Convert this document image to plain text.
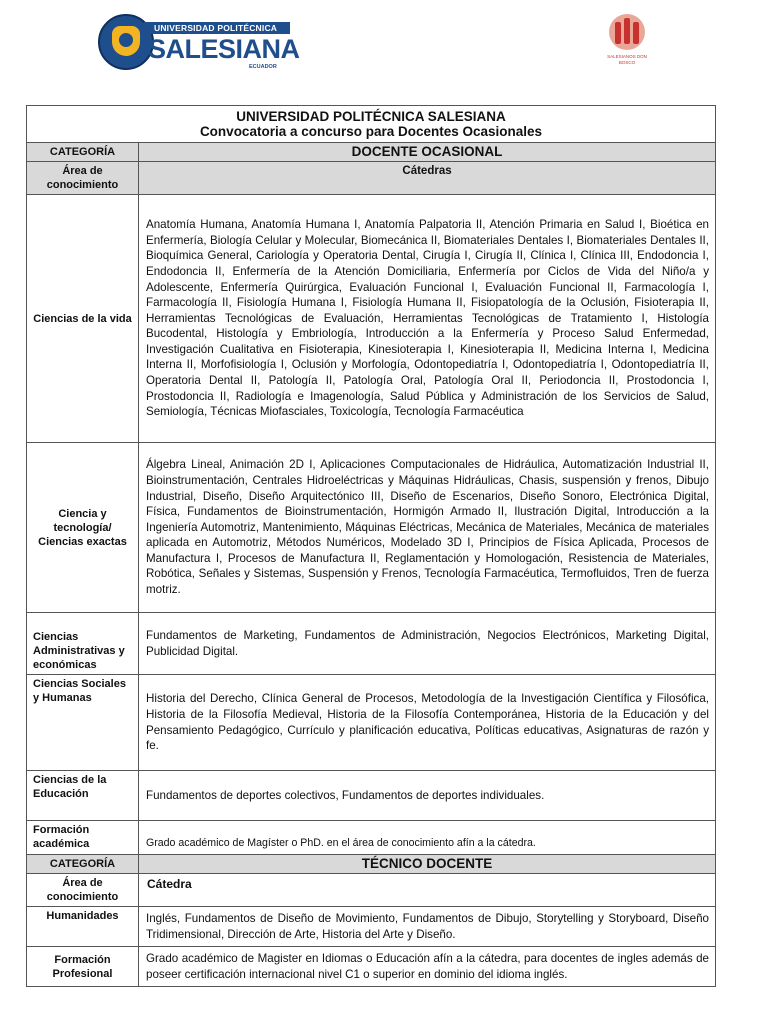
UNIVERSIDAD POLITÉCNICA
SALESIANA
ECUADOR
SALESIANOS DON BOSCO
UNIVERSIDAD POLITÉCNICA SALESIANA
Convocatoria a concurso para Docentes Ocasionales	

CATEGORÍA	DOCENTE OCASIONAL
Área de conocimiento	Cátedras
Ciencias de la vida	Anatomía Humana, Anatomía Humana I, Anatomía Palpatoria II, Atención Primaria en Salud I, Bioética en Enfermería, Biología Celular y Molecular, Biomecánica II, Biomateriales Dentales I, Biomateriales Dentales II, Bioquímica General, Cariología y Operatoria Dental, Cirugía I, Cirugía II, Clínica I, Clínica III, Endodoncia I, Endodoncia II, Enfermería de la Atención Domiciliaria, Enfermería por Ciclos de Vida del Niño/a y Adolescente, Enfermería Quirúrgica, Evaluación Funcional I, Evaluación Funcional II, Farmacología I, Farmacología II, Fisiología Humana I, Fisiología Humana II, Fisiopatología de la Oclusión, Fisioterapia II, Herramientas Tecnológicas de Evaluación, Herramientas Tecnológicas de Tratamiento I, Histología Bucodental, Histología y Embriología, Introducción a la Enfermería y Proceso Salud Enfermedad, Investigación Cualitativa en Fisioterapia, Kinesioterapia I, Kinesioterapia II, Medicina Interna I, Medicina Interna II, Morfofisiología I, Oclusión y Morfología, Odontopediatría I, Odontopediatría I, Odontopediatría II, Operatoria Dental II, Patología II, Patología Oral, Patología Oral II, Periodoncia II, Prostodoncia I, Prostodoncia II, Radiología e Imagenología, Salud Pública y Administración de los Servicios de Salud, Semiología, Técnicas Miofasciales, Toxicología, Tecnología Farmacéutica
Ciencia y tecnología/ Ciencias exactas	Álgebra Lineal, Animación 2D I, Aplicaciones Computacionales de Hidráulica, Automatización Industrial II, Bioinstrumentación, Centrales Hidroeléctricas y Máquinas Hidráulicas, Chasis, suspensión y frenos, Dibujo Industrial, Diseño, Diseño Arquitectónico III, Diseño de Escenarios, Diseño Sonoro, Electrónica Digital, Física, Fundamentos de Bioinstrumentación, Hormigón Armado II, Ilustración Digital, Introducción a la Ingeniería Automotriz, Mantenimiento, Máquinas Eléctricas, Mecánica de Materiales, Mecánica de materiales aplicada en Automotriz, Métodos Numéricos, Modelado 3D I, Principios de Física Aplicada, Procesos de Manufactura I, Procesos de Manufactura II, Reglamentación y Homologación, Resistencia de Materiales, Robótica, Señales y Sistemas, Suspensión y Frenos, Tecnología Farmacéutica, Termofluidos, Tren de fuerza motriz.
Ciencias Administrativas y económicas	Fundamentos de Marketing, Fundamentos de Administración, Negocios Electrónicos, Marketing Digital, Publicidad Digital.
Ciencias Sociales y Humanas	Historia del Derecho, Clínica General de Procesos, Metodología de la Investigación Científica y Filosófica, Historia de la Filosofía Medieval, Historia de la Filosofía Contemporánea, Historia de la Educación y del Pensamiento Pedagógico, Currículo y planificación educativa, Políticas educativas, Asignaturas de razón y fe.
Ciencias de la Educación	Fundamentos de deportes colectivos, Fundamentos de deportes individuales.
Formación académica	Grado académico de Magíster o PhD. en el área de conocimiento afín a la cátedra.
CATEGORÍA	TÉCNICO DOCENTE
Área de conocimiento	Cátedra
Humanidades	Inglés, Fundamentos de Diseño de Movimiento, Fundamentos de Dibujo, Storytelling y Storyboard, Diseño Tridimensional, Dirección de Arte, Historia del Arte y Diseño.
Formación Profesional	Grado académico de Magister en Idiomas o Educación afín a la cátedra, para docentes de ingles además de poseer certificación internacional nivel C1 o superior en dominio del idioma inglés.
